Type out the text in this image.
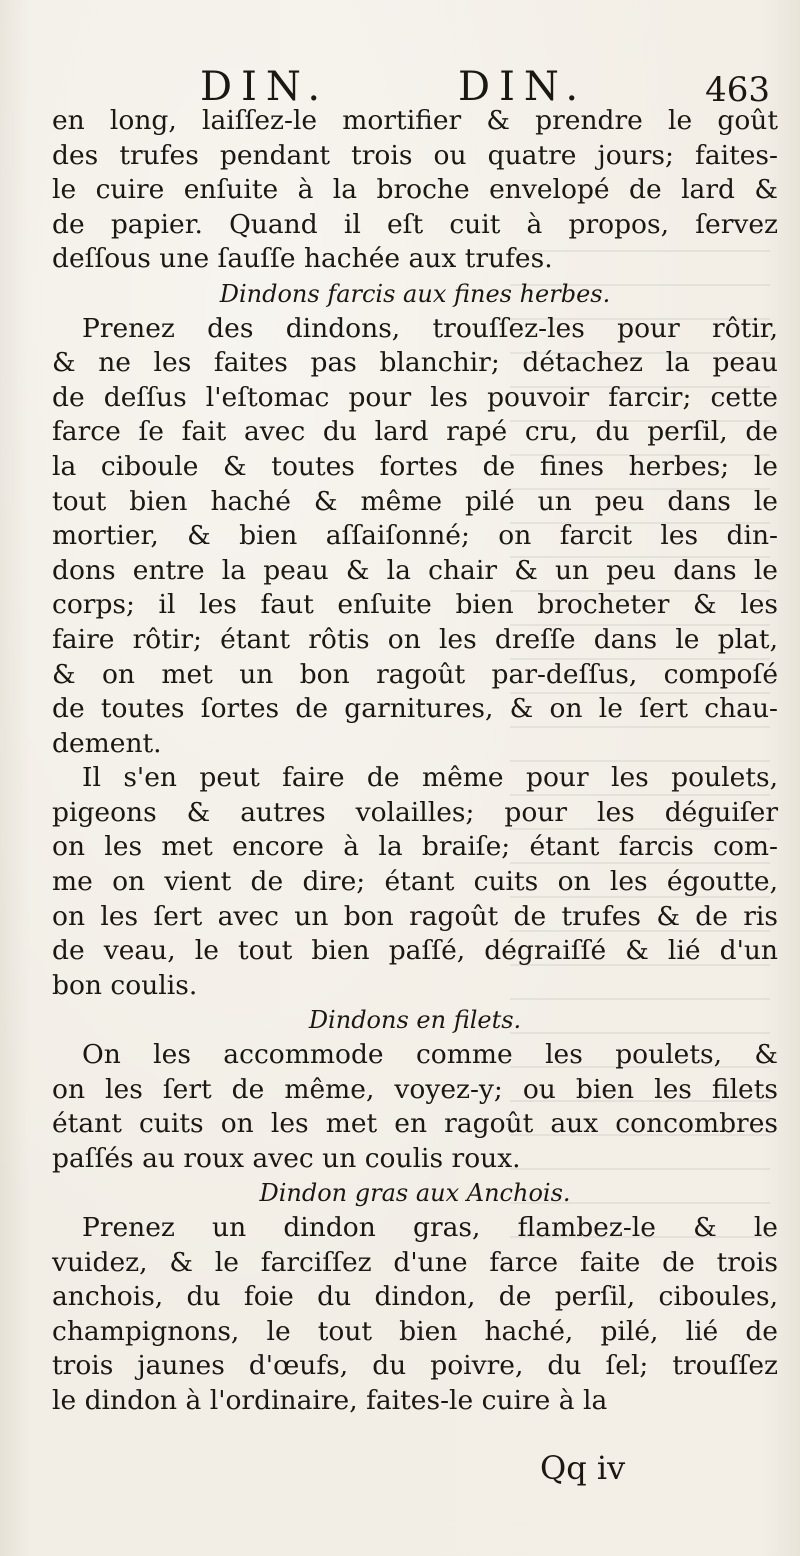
DIN.	DIN.	463
en long, laiſſez-le mortifier & prendre le goût
des trufes pendant trois ou quatre jours; faites-
le cuire enſuite à la broche envelopé de lard &
de papier. Quand il eſt cuit à propos, ſervez
deſſous une ſauſſe hachée aux trufes.
Dindons farcis aux fines herbes.
Prenez des dindons, trouſſez-les pour rôtir,
& ne les faites pas blanchir; détachez la peau
de deſſus l'eſtomac pour les pouvoir farcir; cette
farce ſe fait avec du lard rapé cru, du perſil, de
la ciboule & toutes fortes de fines herbes; le
tout bien haché & même pilé un peu dans le
mortier, & bien aſſaiſonné; on farcit les din-
dons entre la peau & la chair & un peu dans le
corps; il les faut enſuite bien brocheter & les
faire rôtir; étant rôtis on les dreſſe dans le plat,
& on met un bon ragoût par-deſſus, compoſé
de toutes ſortes de garnitures, & on le ſert chau-
dement.
Il s'en peut faire de même pour les poulets,
pigeons & autres volailles; pour les déguiſer
on les met encore à la braiſe; étant farcis com-
me on vient de dire; étant cuits on les égoutte,
on les ſert avec un bon ragoût de trufes & de ris
de veau, le tout bien paſſé, dégraiſſé & lié d'un
bon coulis.
Dindons en filets.
On les accommode comme les poulets, &
on les ſert de même, voyez-y; ou bien les filets
étant cuits on les met en ragoût aux concombres
paſſés au roux avec un coulis roux.
Dindon gras aux Anchois.
Prenez un dindon gras, flambez-le & le
vuidez, & le farciſſez d'une farce faite de trois
anchois, du foie du dindon, de perſil, ciboules,
champignons, le tout bien haché, pilé, lié de
trois jaunes d'œufs, du poivre, du ſel; trouſſez
le dindon à l'ordinaire, faites-le cuire à la
Qq iv
